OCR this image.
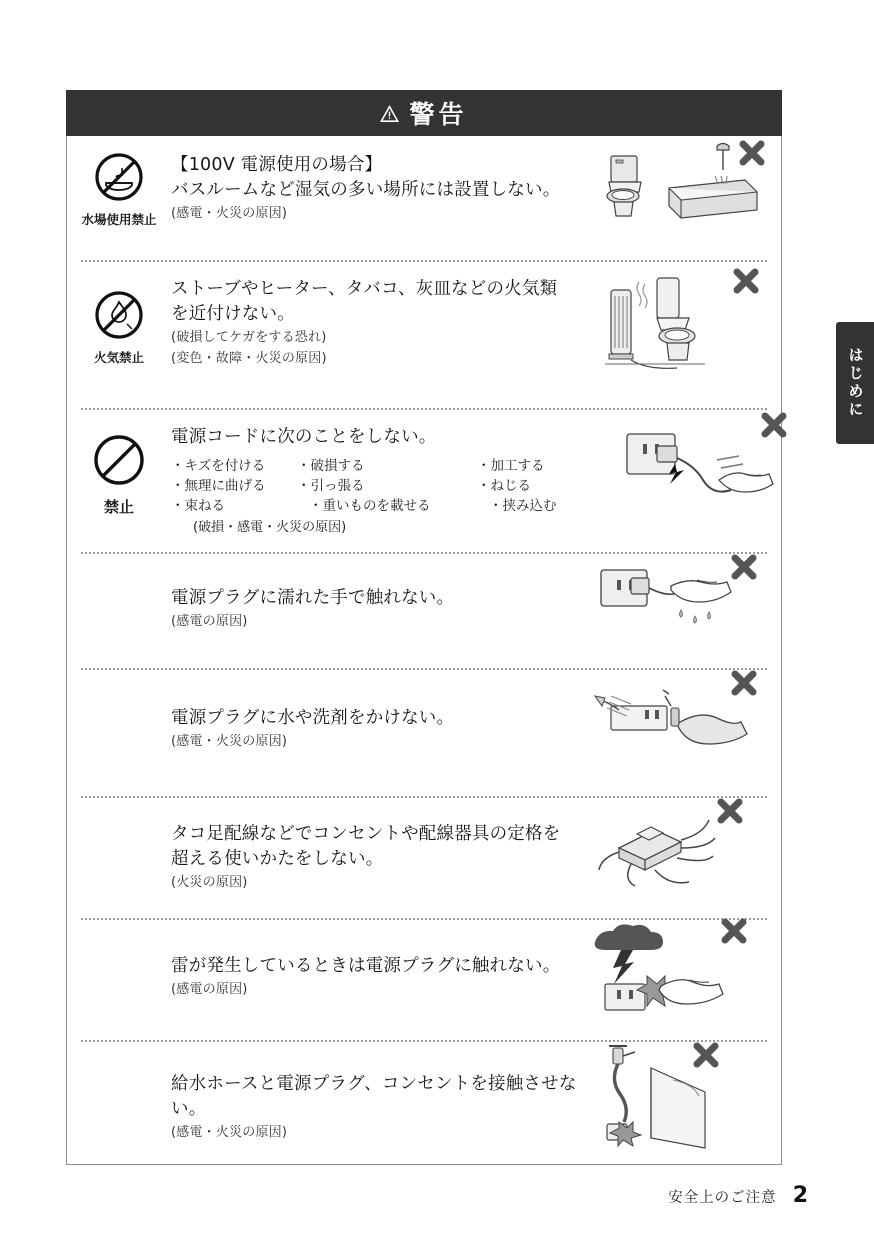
はじめに
警告
水場使用禁止
【100V 電源使用の場合】
バスルームなど湿気の多い場所には設置しない。
(感電・火災の原因)
火気禁止
ストーブやヒーター、タバコ、灰皿などの火気類
を近付けない。
(破損してケガをする恐れ)
(変色・故障・火災の原因)
禁止
電源コードに次のことをしない。
・キズを付ける	・破損する	・加工する
・無理に曲げる	・引っ張る	・ねじる
・束ねる	・重いものを載せる	・挟み込む
(破損・感電・火災の原因)
電源プラグに濡れた手で触れない。
(感電の原因)
電源プラグに水や洗剤をかけない。
(感電・火災の原因)
タコ足配線などでコンセントや配線器具の定格を
超える使いかたをしない。
(火災の原因)
雷が発生しているときは電源プラグに触れない。
(感電の原因)
給水ホースと電源プラグ、コンセントを接触させない。
(感電・火災の原因)
安全上のご注意 2
